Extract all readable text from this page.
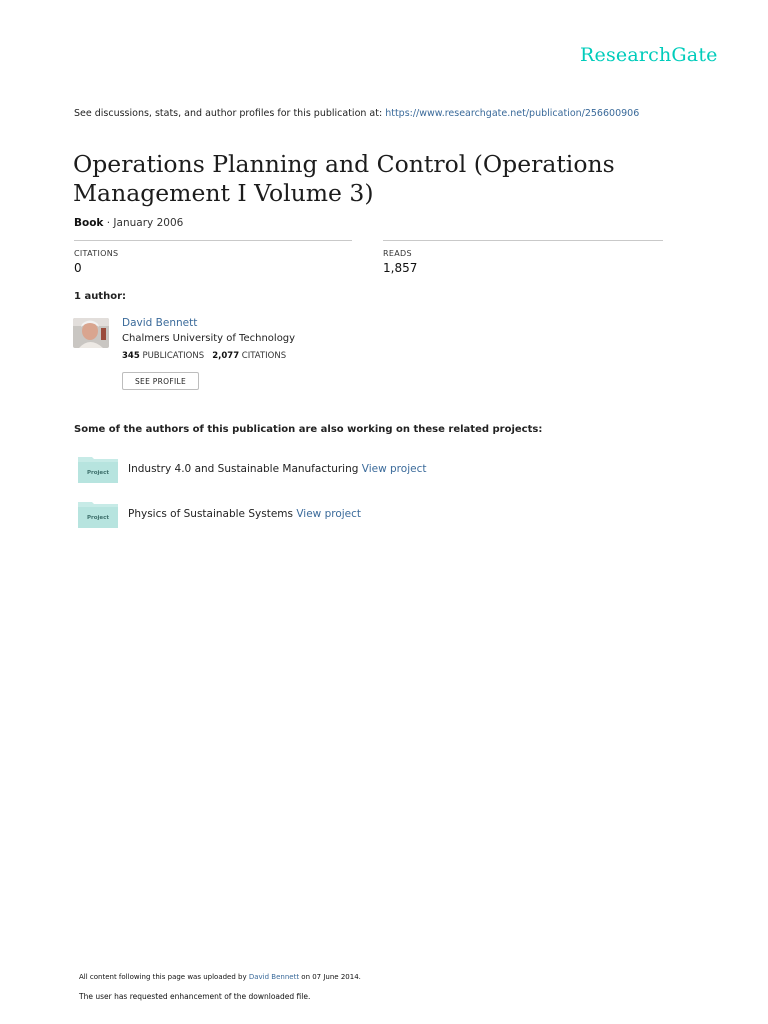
ResearchGate
See discussions, stats, and author profiles for this publication at: https://www.researchgate.net/publication/256600906
Operations Planning and Control (Operations Management I Volume 3)
Book · January 2006
CITATIONS
0
READS
1,857
1 author:
David Bennett
Chalmers University of Technology
345 PUBLICATIONS 2,077 CITATIONS
SEE PROFILE
Some of the authors of this publication are also working on these related projects:
Project Industry 4.0 and Sustainable Manufacturing View project
Project Physics of Sustainable Systems View project
All content following this page was uploaded by David Bennett on 07 June 2014.
The user has requested enhancement of the downloaded file.
